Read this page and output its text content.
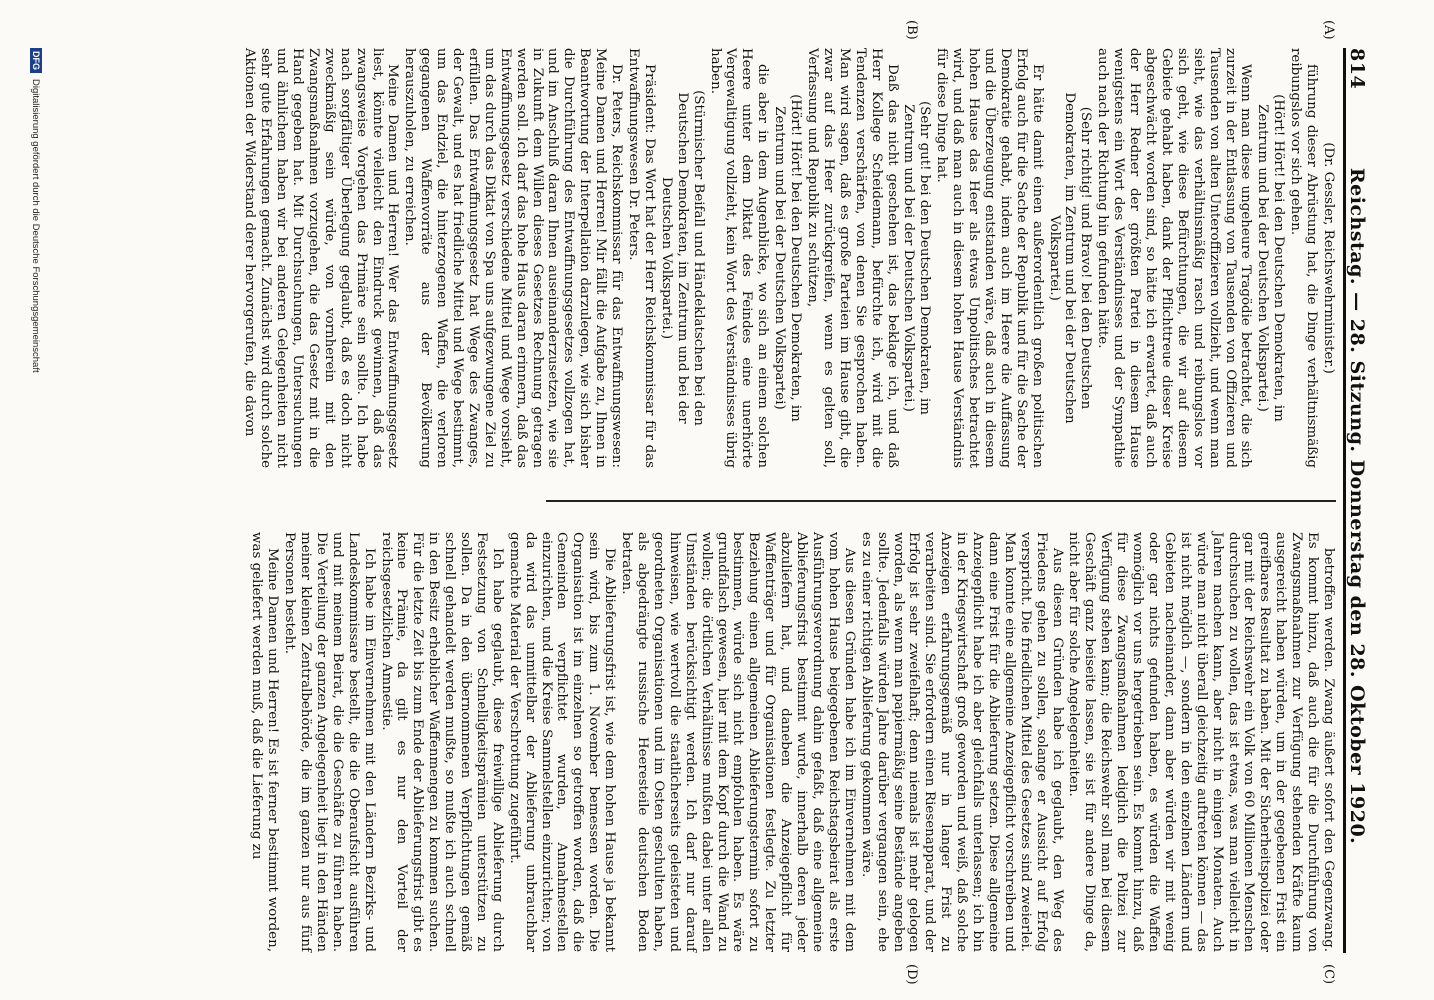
814
Reichstag. — 28. Sitzung. Donnerstag den 28. Oktober 1920.
(A)
(B)
(C)
(D)

(Dr. Gessler, Reichswehrminister.)

führung dieser Abrüstung hat, die Dinge verhältnismäßig reibungslos vor sich gehen.

(Hört! Hört! bei den Deutschen Demokraten, im Zentrum und bei der Deutschen Volkspartei.)

Wenn man diese ungeheure Tragödie betrachtet, die sich zurzeit in der Entlassung von Tausenden von Offizieren und Tausenden von alten Unteroffizieren vollzieht, und wenn man sieht, wie das verhältnismäßig rasch und reibungslos vor sich geht, wie diese Befürchtungen, die wir auf diesem Gebiete gehabt haben, dank der Pflichttreue dieser Kreise abgeschwächt worden sind, so hätte ich erwartet, daß auch der Herr Redner der größten Partei in diesem Hause wenigstens ein Wort des Verständnisses und der Sympathie auch nach der Richtung hin gefunden hätte.

(Sehr richtig! und Bravo! bei den Deutschen Demokraten, im Zentrum und bei der Deutschen Volkspartei.)

Er hätte damit einen außerordentlich großen politischen Erfolg auch für die Sache der Republik und für die Sache der Demokratie gehabt, indem auch im Heere die Auffassung und die Überzeugung entstanden wäre, daß auch in diesem hohen Hause das Heer als etwas Unpolitisches betrachtet wird, und daß man auch in diesem hohen Hause Verständnis für diese Dinge hat.

(Sehr gut! bei den Deutschen Demokraten, im Zentrum und bei der Deutschen Volkspartei.)

Daß das nicht geschehen ist, das beklage ich, und daß Herr Kollege Scheidemann, befürchte ich, wird mit die Tendenzen verschärfen, von denen Sie gesprochen haben. Man wird sagen, daß es große Parteien im Hause gibt, die zwar auf das Heer zurückgreifen, wenn es gelten soll, Verfassung und Republik zu schützen,

(Hört! Hört! bei den Deutschen Demokraten, im Zentrum und bei der Deutschen Volkspartei)

die aber in dem Augenblicke, wo sich an einem solchen Heere unter dem Diktat des Feindes eine unerhörte Vergewaltigung vollzieht, kein Wort des Verständnisses übrig haben.

(Stürmischer Beifall und Händeklatschen bei den Deutschen Demokraten, im Zentrum und bei der Deutschen Volkspartei.)

Präsident: Das Wort hat der Herr Reichskommissar für das Entwaffnungswesen Dr. Peters.

Dr. Peters, Reichskommissar für das Entwaffnungswesen: Meine Damen und Herren! Mir fällt die Aufgabe zu, Ihnen in Beantwortung der Interpellation darzulegen, wie sich bisher die Durchführung des Entwaffnungsgesetzes vollzogen hat, und im Anschluß daran Ihnen auseinanderzusetzen, wie sie in Zukunft dem Willen dieses Gesetzes Rechnung getragen werden soll. Ich darf das hohe Haus daran erinnern, daß das Entwaffnungsgesetz verschiedene Mittel und Wege vorsieht, um das durch das Diktat von Spa uns aufgezwungene Ziel zu erfüllen. Das Entwaffnungsgesetz hat Wege des Zwanges, der Gewalt, und es hat friedliche Mittel und Wege bestimmt, um das Endziel, die hinterzogenen Waffen, die verloren gegangenen Waffenvorräte aus der Bevölkerung herauszuholen, zu erreichen.

Meine Damen und Herren! Wer das Entwaffnungsgesetz liest, könnte vielleicht den Eindruck gewinnen, daß das zwangsweise Vorgehen das Primäre sein sollte. Ich habe nach sorgfältiger Überlegung geglaubt, daß es doch nicht zweckmäßig sein würde, von vornherein mit den Zwangsmaßnahmen vorzugehen, die das Gesetz mit in die Hand gegeben hat. Mit Durchsuchungen, Untersuchungen und ähnlichem haben wir bei anderen Gelegenheiten nicht sehr gute Erfahrungen gemacht. Zunächst wird durch solche Aktionen der Widerstand derer hervorgerufen, die davon

betroffen werden. Zwang äußert sofort den Gegenzwang. Es kommt hinzu, daß auch die für die Durchführung von Zwangsmaßnahmen zur Verfügung stehenden Kräfte kaum ausgereicht haben würden, um in der gegebenen Frist ein greifbares Resultat zu haben. Mit der Sicherheitspolizei oder gar mit der Reichswehr ein Volk von 60 Millionen Menschen durchsuchen zu wollen, das ist etwas, was man vielleicht in Jahren machen kann, aber nicht in einigen Monaten. Auch würde man nicht überall gleichzeitig auftreten können — das ist nicht möglich —, sondern in den einzelnen Ländern und Gebieten nacheinander, dann aber würden wir mit wenig oder gar nichts gefunden haben, es würden die Waffen womöglich vor uns hergetrieben sein. Es kommt hinzu, daß für diese Zwangsmaßnahmen lediglich die Polizei zur Verfügung stehen kann; die Reichswehr soll man bei diesem Geschäft ganz beiseite lassen, sie ist für andere Dinge da, nicht aber für solche Angelegenheiten.

Aus diesen Gründen habe ich geglaubt, den Weg des Friedens gehen zu sollen, solange er Aussicht auf Erfolg verspricht. Die friedlichen Mittel des Gesetzes sind zweierlei. Man konnte eine allgemeine Anzeigepflicht vorschreiben und dann eine Frist für die Ablieferung setzen. Diese allgemeine Anzeigepflicht habe ich aber gleichfalls unterlassen; ich bin in der Kriegswirtschaft groß geworden und weiß, daß solche Anzeigen erfahrungsgemäß nur in langer Frist zu verarbeiten sind. Sie erfordern einen Riesenapparat, und der Erfolg ist sehr zweifelhaft; denn niemals ist mehr gelogen worden, als wenn man papiermäßig seine Bestände angeben sollte. Jedenfalls würden Jahre darüber vergangen sein, ehe es zu einer richtigen Ablieferung gekommen wäre.

Aus diesen Gründen habe ich im Einvernehmen mit dem vom hohen Hause beigegebenen Reichstagsbeirat als erste Ausführungsverordnung dahin gefaßt, daß eine allgemeine Ablieferungsfrist bestimmt wurde, innerhalb deren jeder abzuliefern hat, und daneben die Anzeigepflicht für Waffenträger und für Organisationen festlegte. Zu letzter Beziehung einen allgemeinen Ablieferungstermin sofort zu bestimmen, würde sich nicht empfohlen haben. Es wäre grundfalsch gewesen, hier mit dem Kopf durch die Wand zu wollen; die örtlichen Verhältnisse mußten dabei unter allen Umständen berücksichtigt werden. Ich darf nur darauf hinweisen, wie wertvoll die staatlicherseits geleisteten und geordneten Organisationen und im Osten geschulten haben, als abgedrängte russische Heeresteile deutschen Boden betraten.

Die Ablieferungsfrist ist, wie dem hohen Hause ja bekannt sein wird, bis zum 1. November bemessen worden. Die Organisation ist im einzelnen so getroffen worden, daß die Gemeinden verpflichtet wurden, Annahmestellen einzurichten, und die Kreise Sammelstellen einzurichten; von da wird das unmittelbar der Ablieferung unbrauchbar gemachte Material der Verschrottung zugeführt.

Ich habe geglaubt, diese freiwillige Ablieferung durch Festsetzung von Schnelligkeitsprämien unterstützen zu sollen. Da in den übernommenen Verpflichtungen gemäß schnell gehandelt werden mußte, so mußte ich auch schnell in den Besitz erheblicher Waffenmengen zu kommen suchen. Für die letzte Zeit bis zum Ende der Ablieferungsfrist gibt es keine Prämie, da gilt es nur den Vorteil der reichsgesetzlichen Amnestie.

Ich habe im Einvernehmen mit den Ländern Bezirks- und Landeskommissare bestellt, die die Oberaufsicht ausführen und mit meinem Beirat, die die Geschäfte zu führen haben. Die Verteilung der ganzen Angelegenheit liegt in den Händen meiner kleinen Zentralbehörde, die im ganzen nur aus fünf Personen besteht.

Meine Damen und Herren! Es ist ferner bestimmt worden, was geliefert werden muß, daß die Lieferung zu

DFG
Digitalisierung gefördert durch die Deutsche Forschungsgemeinschaft
